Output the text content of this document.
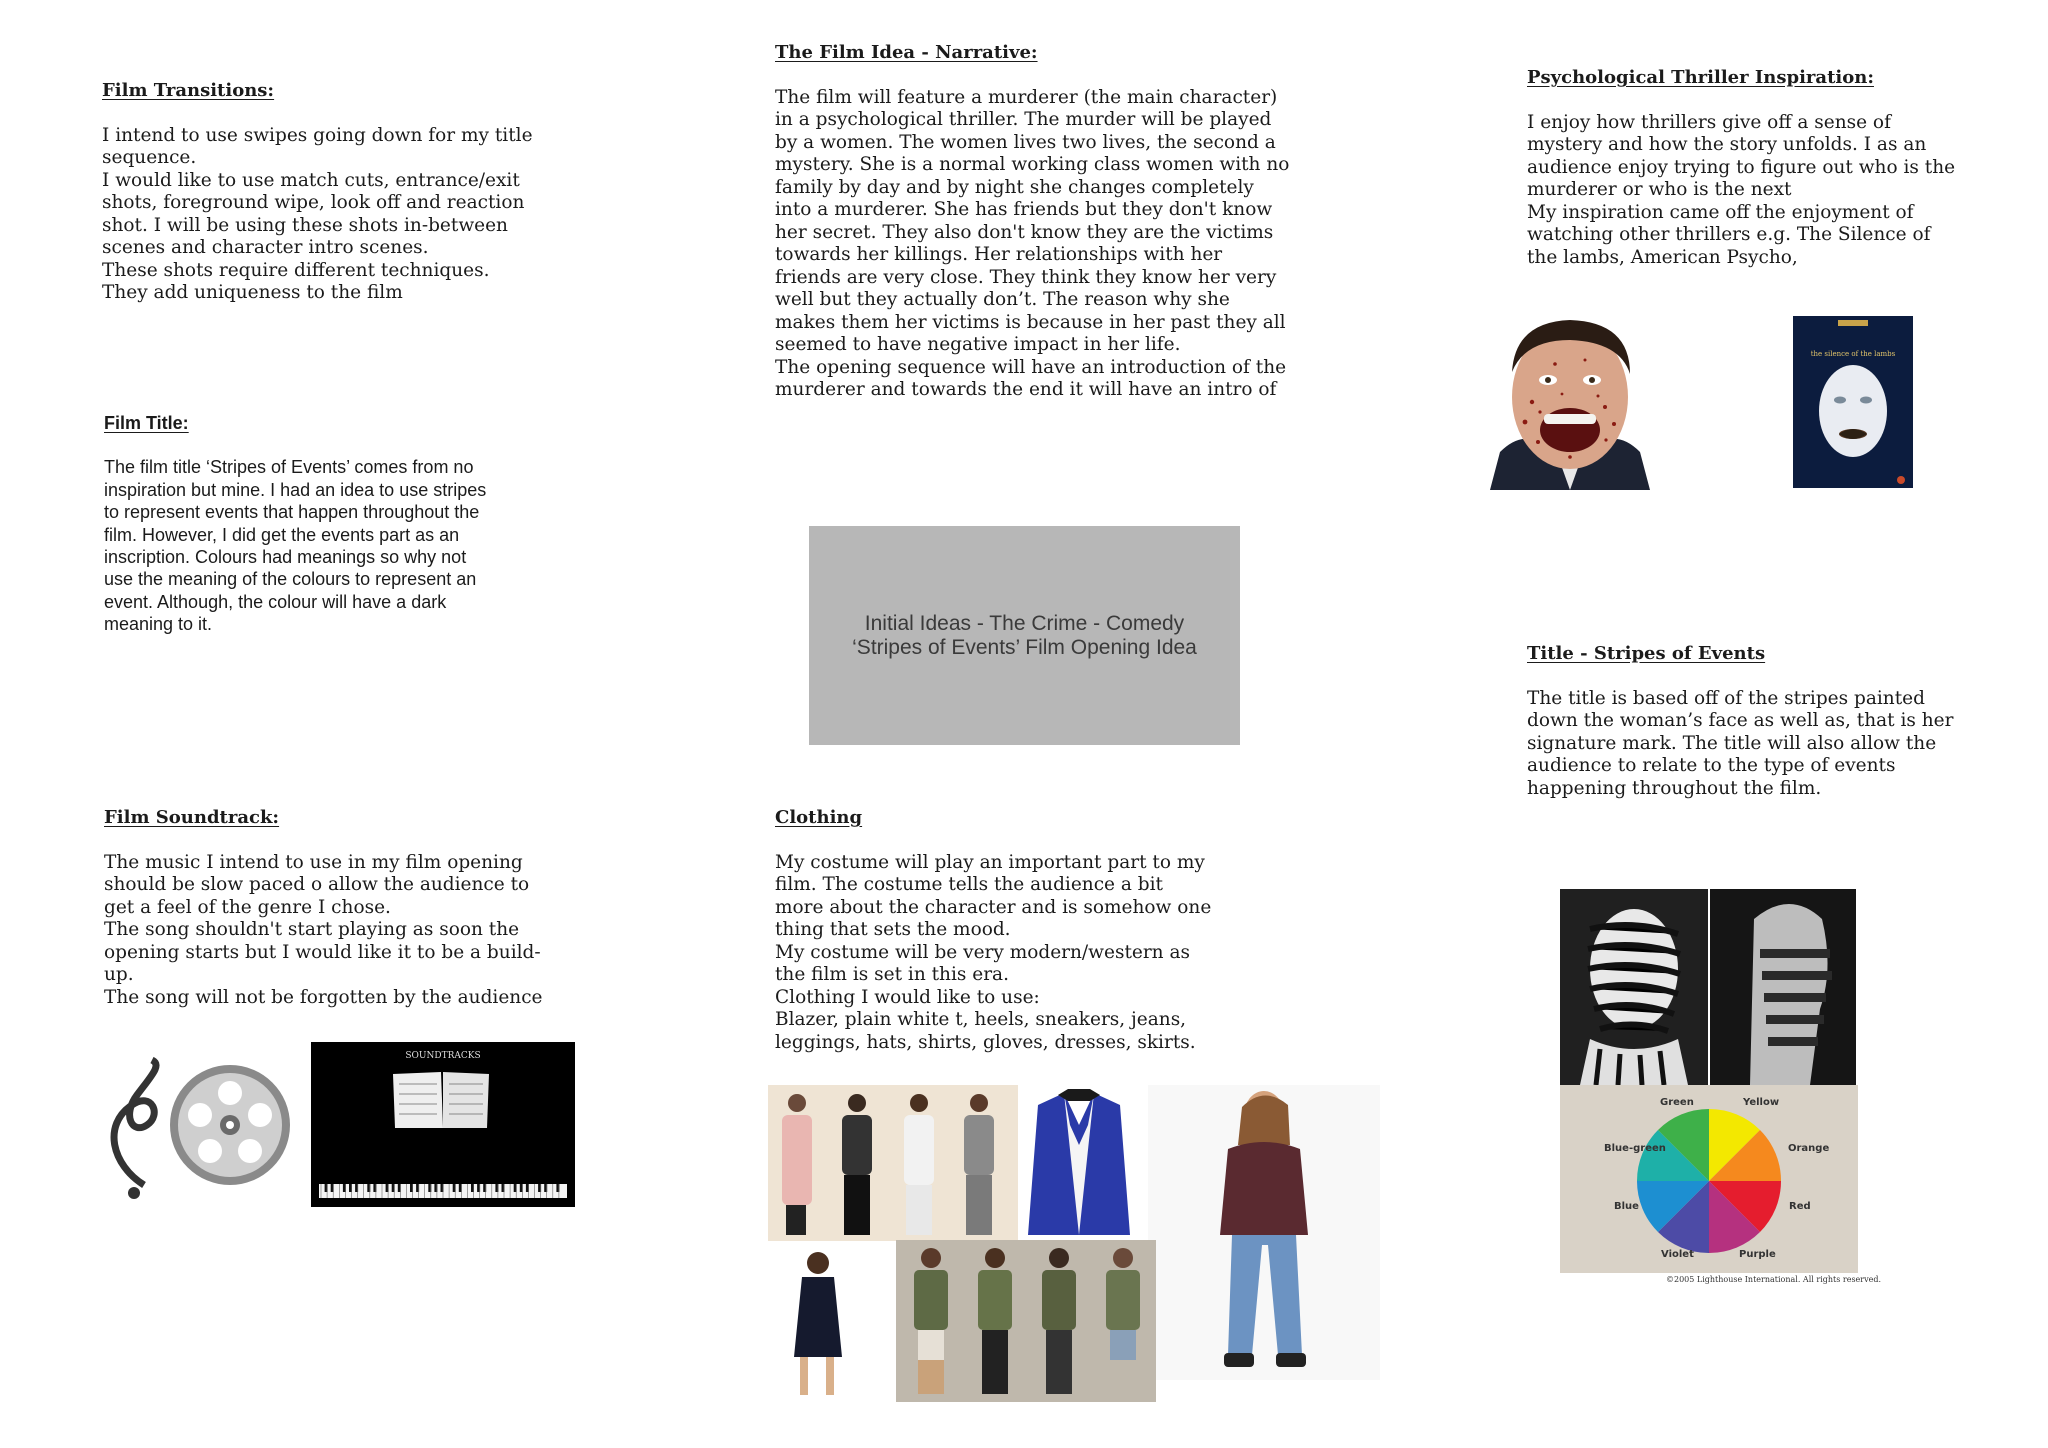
Film Transitions:
I intend to use swipes going down for my title
sequence.
I would like to use match cuts, entrance/exit
shots, foreground wipe, look off and reaction
shot. I will be using these shots in-between
scenes and character intro scenes.
These shots require different techniques.
They add uniqueness to the film
The Film Idea - Narrative:
The film will feature a murderer (the main character)
in a psychological thriller. The murder will be played
by a women. The women lives two lives, the second a
mystery. She is a normal working class women with no
family by day and by night she changes completely
into a murderer. She has friends but they don't know
her secret. They also don't know they are the victims
towards her killings. Her relationships with her
friends are very close. They think they know her very
well but they actually don’t. The reason why she
makes them her victims is because in her past they all
seemed to have negative impact in her life.
The opening sequence will have an introduction of the
murderer and towards the end it will have an intro of
Psychological Thriller Inspiration:
I enjoy how thrillers give off a sense of
mystery and how the story unfolds. I as an
audience enjoy trying to figure out who is the
murderer or who is the next
My inspiration came off the enjoyment of
watching other thrillers e.g. The Silence of
the lambs, American Psycho,
the silence of the lambs
Film Title:
The film title ‘Stripes of Events’ comes from no
inspiration but mine. I had an idea to use stripes
to represent events that happen throughout the
film. However, I did get the events part as an
inscription. Colours had meanings so why not
use the meaning of the colours to represent an
event. Although, the colour will have a dark
meaning to it.	Initial Ideas - The Crime - Comedy
‘Stripes of Events’ Film Opening Idea	Title - Stripes of Events
The title is based off of the stripes painted
down the woman’s face as well as, that is her
signature mark. The title will also allow the
audience to relate to the type of events
happening throughout the film.
Green	Yellow
Blue-green	Orange
Blue	Red
Violet	Purple
©2005 Lighthouse International. All rights reserved.
Film Soundtrack:
The music I intend to use in my film opening
should be slow paced o allow the audience to
get a feel of the genre I chose.
The song shouldn't start playing as soon the
opening starts but I would like it to be a build-
up.
The song will not be forgotten by the audience
SOUNDTRACKS
Clothing
My costume will play an important part to my
film. The costume tells the audience a bit
more about the character and is somehow one
thing that sets the mood.
My costume will be very modern/western as
the film is set in this era.
Clothing I would like to use:
Blazer, plain white t, heels, sneakers, jeans,
leggings, hats, shirts, gloves, dresses, skirts.
